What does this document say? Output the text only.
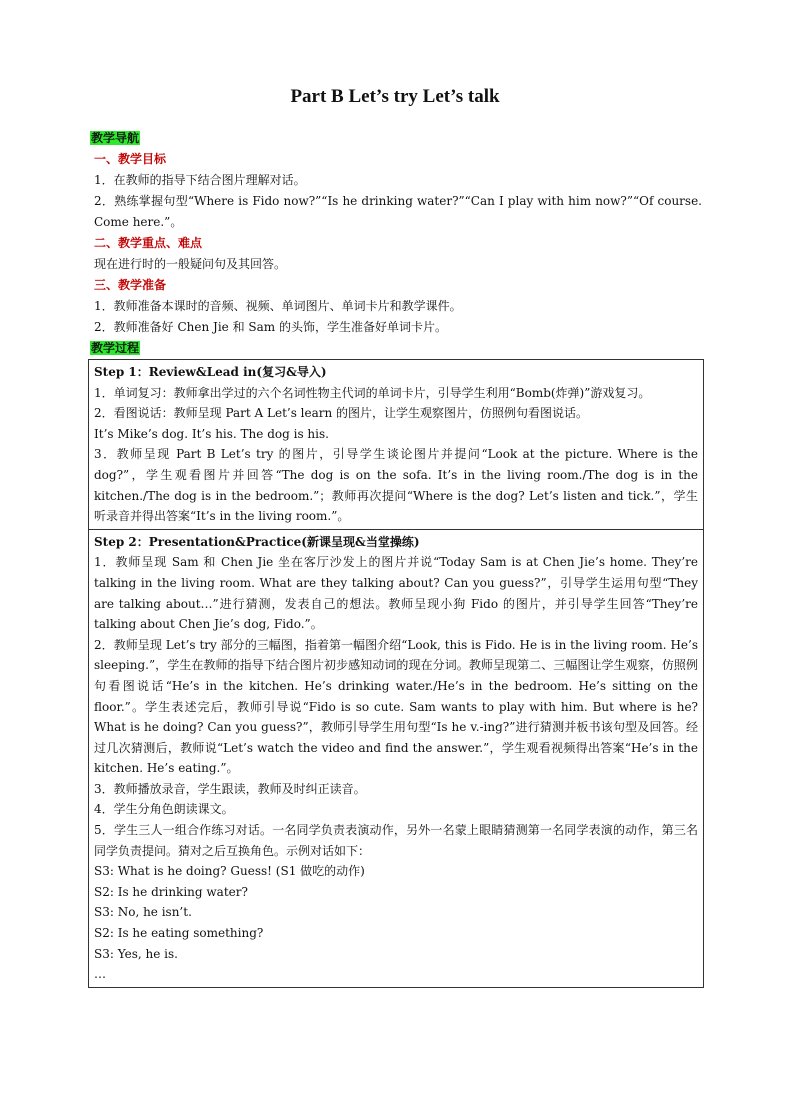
Part B Let’s try Let’s talk

教学导航

一、教学目标

1．在教师的指导下结合图片理解对话。

2．熟练掌握句型“Where is Fido now?”“Is he drinking water?”“Can I play with him now?”“Of course. Come here.”。

二、教学重点、难点

现在进行时的一般疑问句及其回答。

三、教学准备

1．教师准备本课时的音频、视频、单词图片、单词卡片和教学课件。

2．教师准备好 Chen Jie 和 Sam 的头饰，学生准备好单词卡片。

教学过程

Step 1：Review&Lead in(复习&导入)
1．单词复习：教师拿出学过的六个名词性物主代词的单词卡片，引导学生利用“Bomb(炸弹)”游戏复习。
2．看图说话：教师呈现 Part A Let’s learn 的图片，让学生观察图片，仿照例句看图说话。
It’s Mike’s dog. It’s his. The dog is his.
3．教师呈现 Part B Let’s try 的图片，引导学生谈论图片并提问“Look at the picture. Where is the dog?”，学生观看图片并回答“The dog is on the sofa. It’s in the living room./The dog is in the kitchen./The dog is in the bedroom.”；教师再次提问“Where is the dog? Let’s listen and tick.”，学生听录音并得出答案“It’s in the living room.”。

Step 2：Presentation&Practice(新课呈现&当堂操练)
1．教师呈现 Sam 和 Chen Jie 坐在客厅沙发上的图片并说“Today Sam is at Chen Jie’s home. They’re talking in the living room. What are they talking about? Can you guess?”，引导学生运用句型“They are talking about…”进行猜测，发表自己的想法。教师呈现小狗 Fido 的图片，并引导学生回答“They’re talking about Chen Jie’s dog, Fido.”。
2．教师呈现 Let’s try 部分的三幅图，指着第一幅图介绍“Look, this is Fido. He is in the living room. He’s sleeping.”，学生在教师的指导下结合图片初步感知动词的现在分词。教师呈现第二、三幅图让学生观察，仿照例句看图说话“He’s in the kitchen. He’s drinking water./He’s in the bedroom. He’s sitting on the floor.”。学生表述完后，教师引导说“Fido is so cute. Sam wants to play with him. But where is he? What is he doing? Can you guess?”，教师引导学生用句型“Is he v.-ing?”进行猜测并板书该句型及回答。经过几次猜测后，教师说“Let’s watch the video and find the answer.”，学生观看视频得出答案“He’s in the kitchen. He’s eating.”。
3．教师播放录音，学生跟读，教师及时纠正读音。
4．学生分角色朗读课文。
5．学生三人一组合作练习对话。一名同学负责表演动作，另外一名蒙上眼睛猜测第一名同学表演的动作，第三名同学负责提问。猜对之后互换角色。示例对话如下：
S3: What is he doing? Guess! (S1 做吃的动作)
S2: Is he drinking water?
S3: No, he isn’t.
S2: Is he eating something?
S3: Yes, he is.
…
